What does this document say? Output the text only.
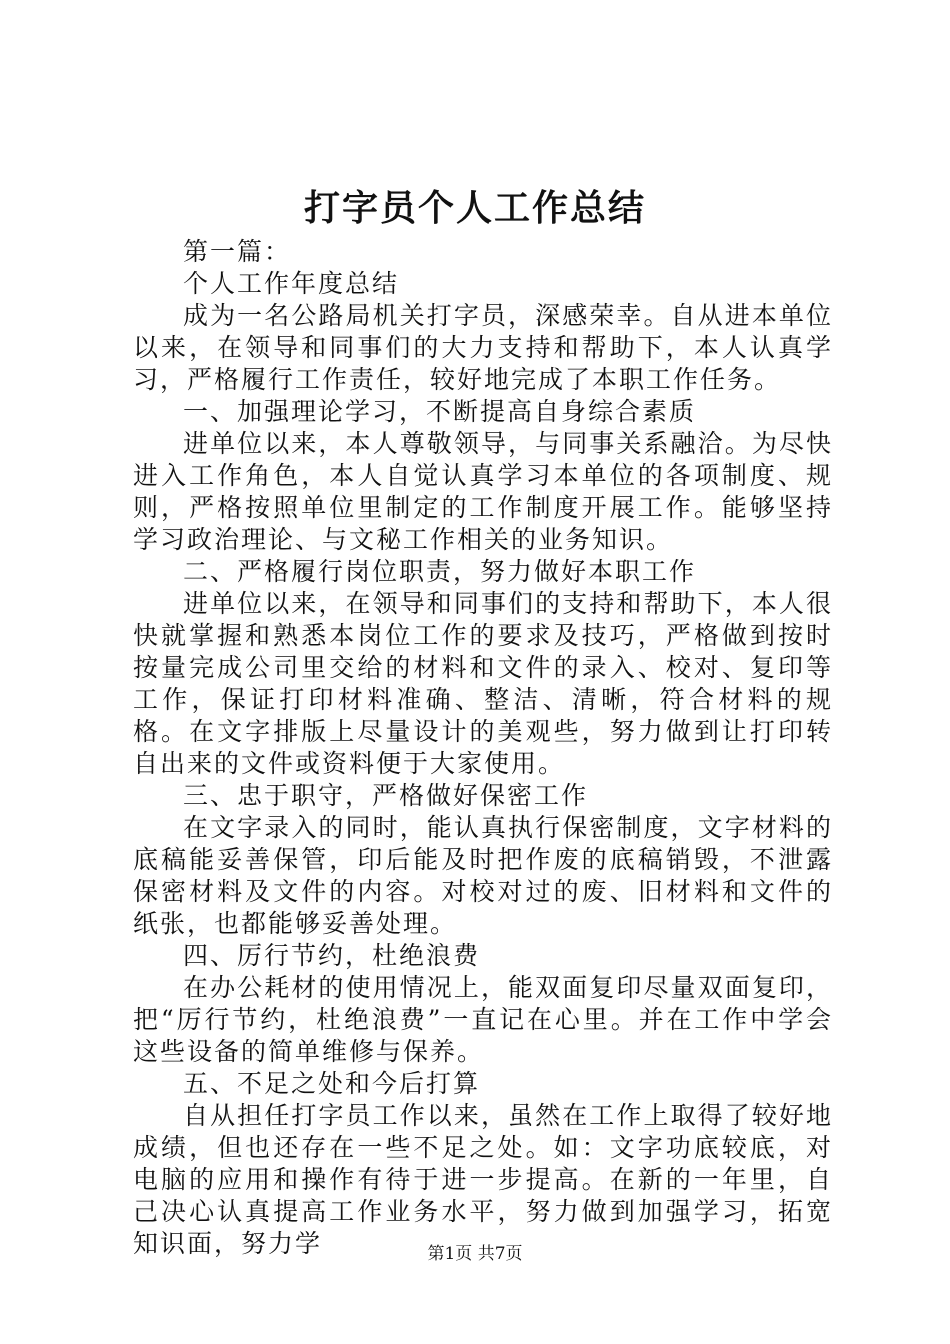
打字员个人工作总结

第一篇：

个人工作年度总结

成为一名公路局机关打字员，深感荣幸。自从进本单位以来，在领导和同事们的大力支持和帮助下，本人认真学习，严格履行工作责任，较好地完成了本职工作任务。

一、加强理论学习，不断提高自身综合素质

进单位以来，本人尊敬领导，与同事关系融洽。为尽快进入工作角色，本人自觉认真学习本单位的各项制度、规则，严格按照单位里制定的工作制度开展工作。能够坚持学习政治理论、与文秘工作相关的业务知识。

二、严格履行岗位职责，努力做好本职工作

进单位以来，在领导和同事们的支持和帮助下，本人很快就掌握和熟悉本岗位工作的要求及技巧，严格做到按时按量完成公司里交给的材料和文件的录入、校对、复印等工作，保证打印材料准确、整洁、清晰，符合材料的规格。在文字排版上尽量设计的美观些，努力做到让打印转自出来的文件或资料便于大家使用。

三、忠于职守，严格做好保密工作

在文字录入的同时，能认真执行保密制度，文字材料的底稿能妥善保管，印后能及时把作废的底稿销毁，不泄露保密材料及文件的内容。对校对过的废、旧材料和文件的纸张，也都能够妥善处理。

四、厉行节约，杜绝浪费

在办公耗材的使用情况上，能双面复印尽量双面复印，把“厉行节约，杜绝浪费”一直记在心里。并在工作中学会这些设备的简单维修与保养。

五、不足之处和今后打算

自从担任打字员工作以来，虽然在工作上取得了较好地成绩，但也还存在一些不足之处。如：文字功底较底，对电脑的应用和操作有待于进一步提高。在新的一年里，自己决心认真提高工作业务水平，努力做到加强学习，拓宽知识面，努力学	第1页 共7页
